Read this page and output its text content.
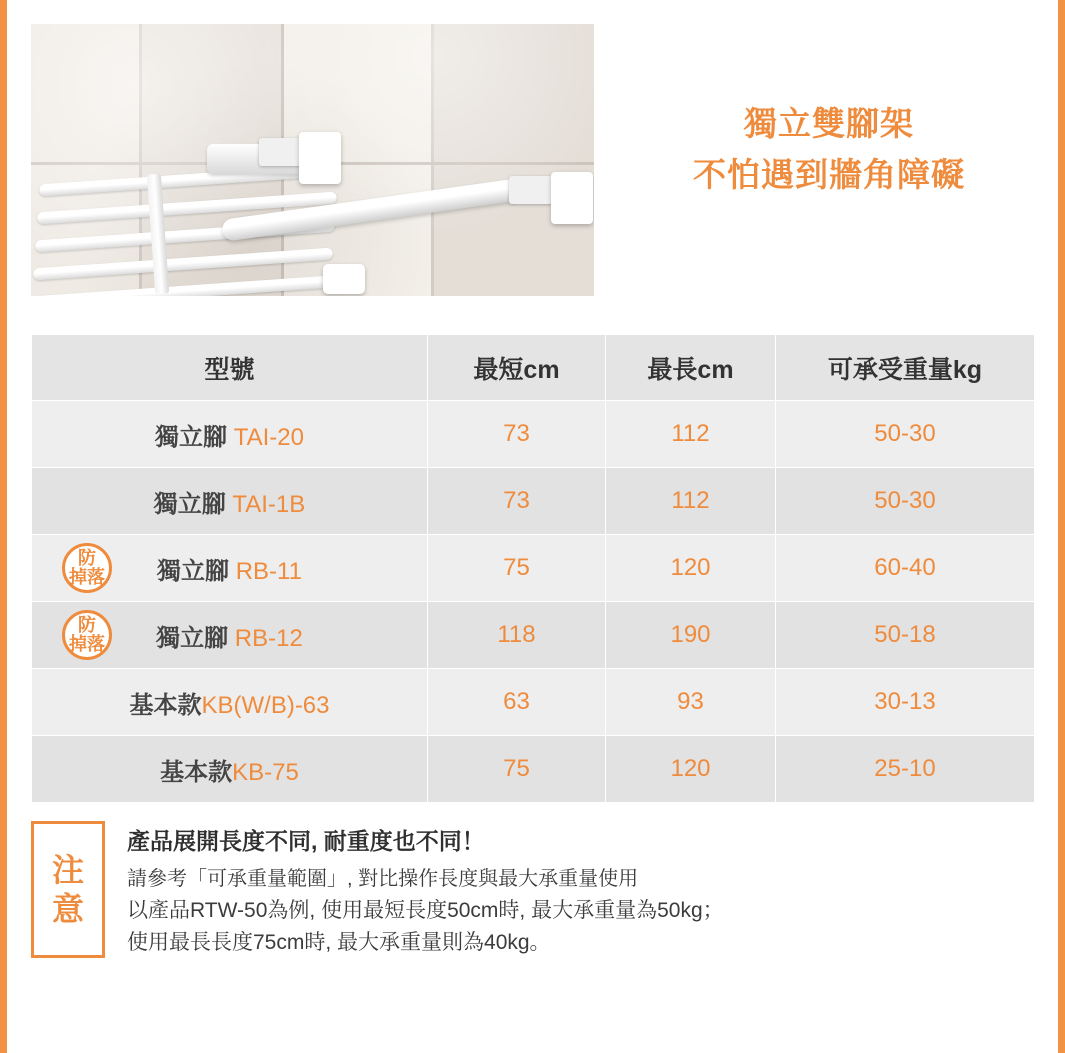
獨立雙腳架
不怕遇到牆角障礙
型號	最短cm	最長cm	可承受重量kg
獨立腳 TAI-20	73	112	50-30
獨立腳 TAI-1B	73	112	50-30

防
掉落 獨立腳 RB-11	75	120	60-40

防
掉落 獨立腳 RB-12	118	190	50-18
基本款KB(W/B)-63	63	93	30-13
基本款KB-75	75	120	25-10
注
意
產品展開長度不同, 耐重度也不同！
請參考「可承重量範圍」, 對比操作長度與最大承重量使用
以產品RTW-50為例, 使用最短長度50cm時, 最大承重量為50kg；
使用最長長度75cm時, 最大承重量則為40kg。
